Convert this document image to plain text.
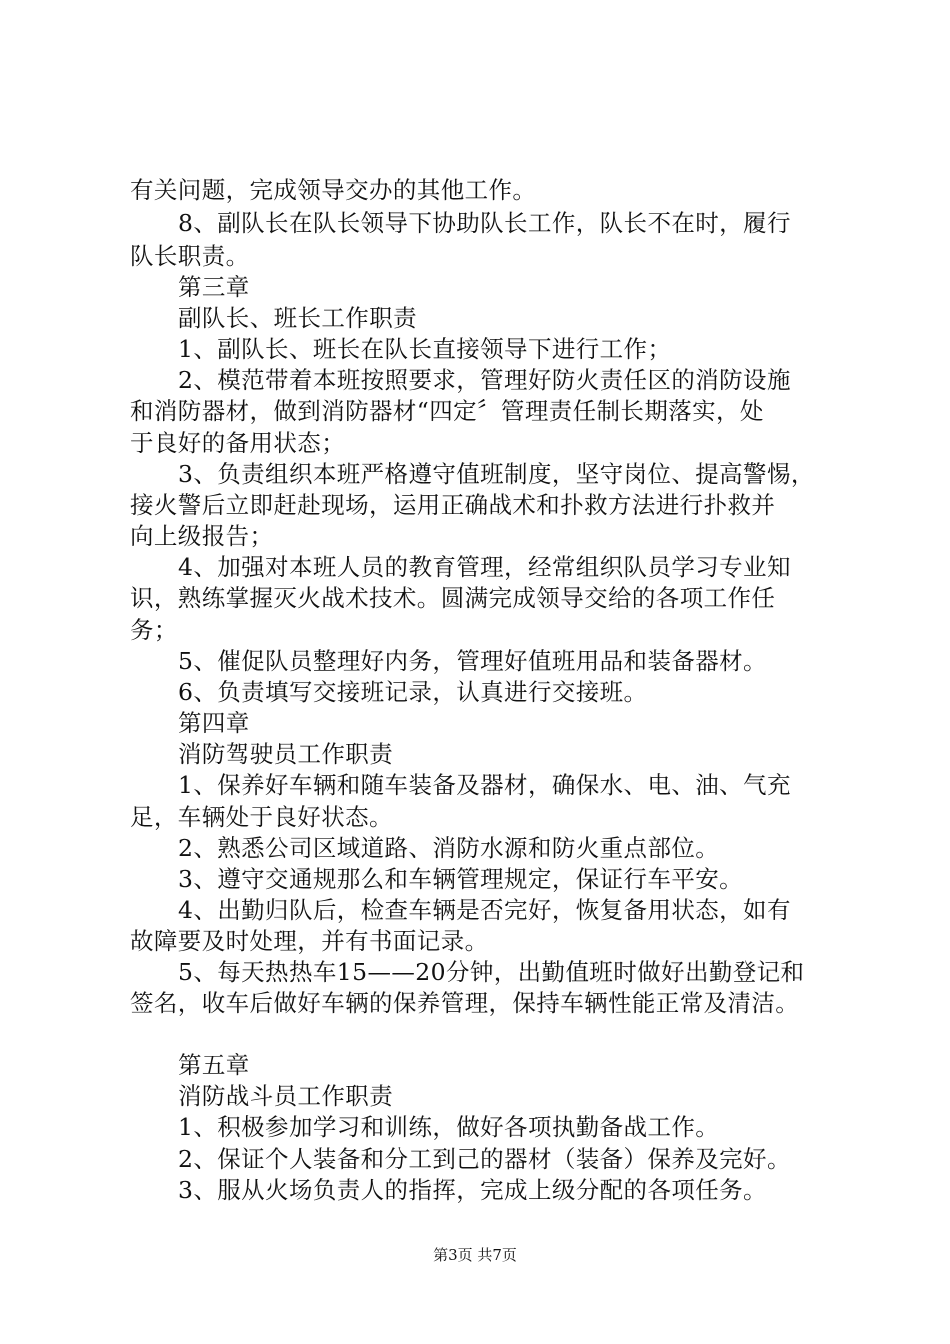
有关问题，完成领导交办的其他工作。
8、副队长在队长领导下协助队长工作，队长不在时，履行
队长职责。
第三章
副队长、班长工作职责
1、副队长、班长在队长直接领导下进行工作；
2、模范带着本班按照要求，管理好防火责任区的消防设施
和消防器材，做到消防器材“四定〞管理责任制长期落实，处
于良好的备用状态；
3、负责组织本班严格遵守值班制度，坚守岗位、提高警惕，
接火警后立即赶赴现场，运用正确战术和扑救方法进行扑救并
向上级报告；
4、加强对本班人员的教育管理，经常组织队员学习专业知
识，熟练掌握灭火战术技术。圆满完成领导交给的各项工作任
务；
5、催促队员整理好内务，管理好值班用品和装备器材。
6、负责填写交接班记录，认真进行交接班。
第四章
消防驾驶员工作职责
1、保养好车辆和随车装备及器材，确保水、电、油、气充
足，车辆处于良好状态。
2、熟悉公司区域道路、消防水源和防火重点部位。
3、遵守交通规那么和车辆管理规定，保证行车平安。
4、出勤归队后，检查车辆是否完好，恢复备用状态，如有
故障要及时处理，并有书面记录。
5、每天热热车15——20分钟，出勤值班时做好出勤登记和
签名，收车后做好车辆的保养管理，保持车辆性能正常及清洁。
第五章
消防战斗员工作职责
1、积极参加学习和训练，做好各项执勤备战工作。
2、保证个人装备和分工到己的器材（装备）保养及完好。
3、服从火场负责人的指挥，完成上级分配的各项任务。
第3页 共7页
